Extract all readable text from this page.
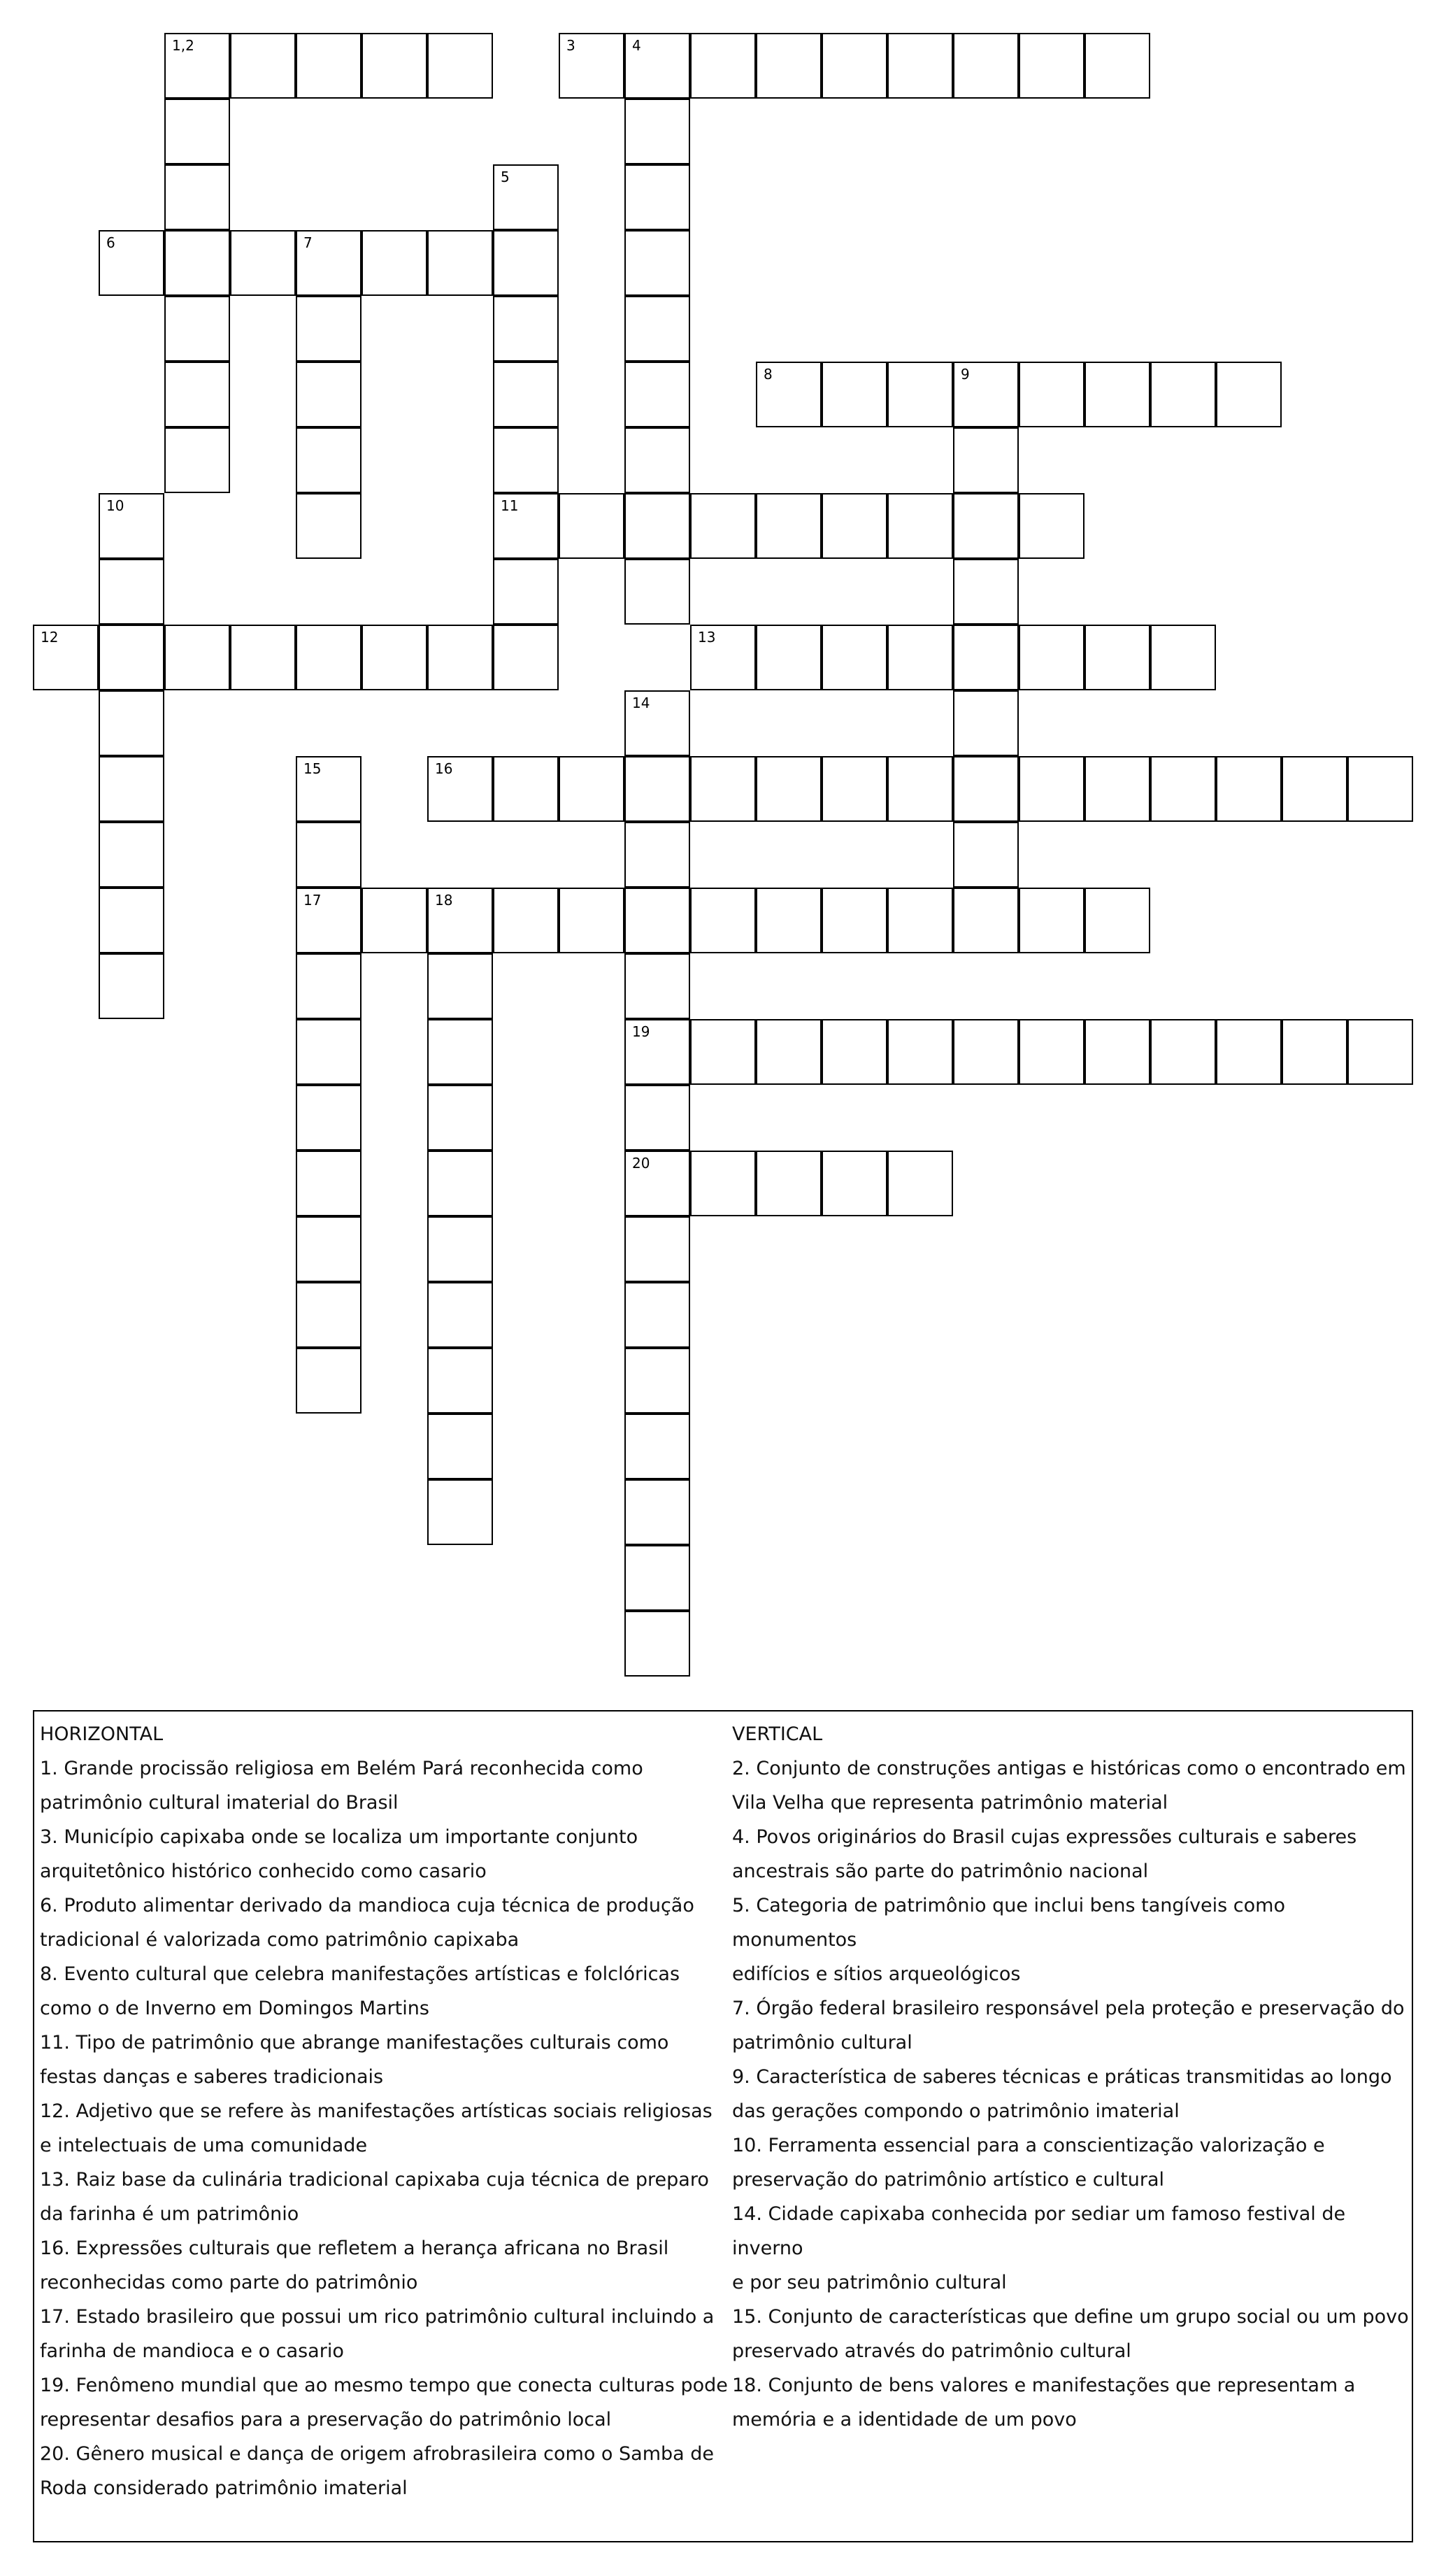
1,2	3	4
5
11
6	7
8	9
10
12	13
14
19
20
15
17
16
18
HORIZONTAL
1. Grande procissão religiosa em Belém Pará reconhecida como
patrimônio cultural imaterial do Brasil
3. Município capixaba onde se localiza um importante conjunto
arquitetônico histórico conhecido como casario
6. Produto alimentar derivado da mandioca cuja técnica de produção
tradicional é valorizada como patrimônio capixaba
8. Evento cultural que celebra manifestações artísticas e folclóricas
como o de Inverno em Domingos Martins
11. Tipo de patrimônio que abrange manifestações culturais como
festas danças e saberes tradicionais
12. Adjetivo que se refere às manifestações artísticas sociais religiosas
e intelectuais de uma comunidade
13. Raiz base da culinária tradicional capixaba cuja técnica de preparo
da farinha é um patrimônio
16. Expressões culturais que refletem a herança africana no Brasil
reconhecidas como parte do patrimônio
17. Estado brasileiro que possui um rico patrimônio cultural incluindo a
farinha de mandioca e o casario
19. Fenômeno mundial que ao mesmo tempo que conecta culturas pode
representar desafios para a preservação do patrimônio local
20. Gênero musical e dança de origem afrobrasileira como o Samba de
Roda considerado patrimônio imaterial
VERTICAL
2. Conjunto de construções antigas e históricas como o encontrado em
Vila Velha que representa patrimônio material
4. Povos originários do Brasil cujas expressões culturais e saberes
ancestrais são parte do patrimônio nacional
5. Categoria de patrimônio que inclui bens tangíveis como monumentos
edifícios e sítios arqueológicos
7. Órgão federal brasileiro responsável pela proteção e preservação do
patrimônio cultural
9. Característica de saberes técnicas e práticas transmitidas ao longo
das gerações compondo o patrimônio imaterial
10. Ferramenta essencial para a conscientização valorização e
preservação do patrimônio artístico e cultural
14. Cidade capixaba conhecida por sediar um famoso festival de inverno
e por seu patrimônio cultural
15. Conjunto de características que define um grupo social ou um povo
preservado através do patrimônio cultural
18. Conjunto de bens valores e manifestações que representam a
memória e a identidade de um povo
